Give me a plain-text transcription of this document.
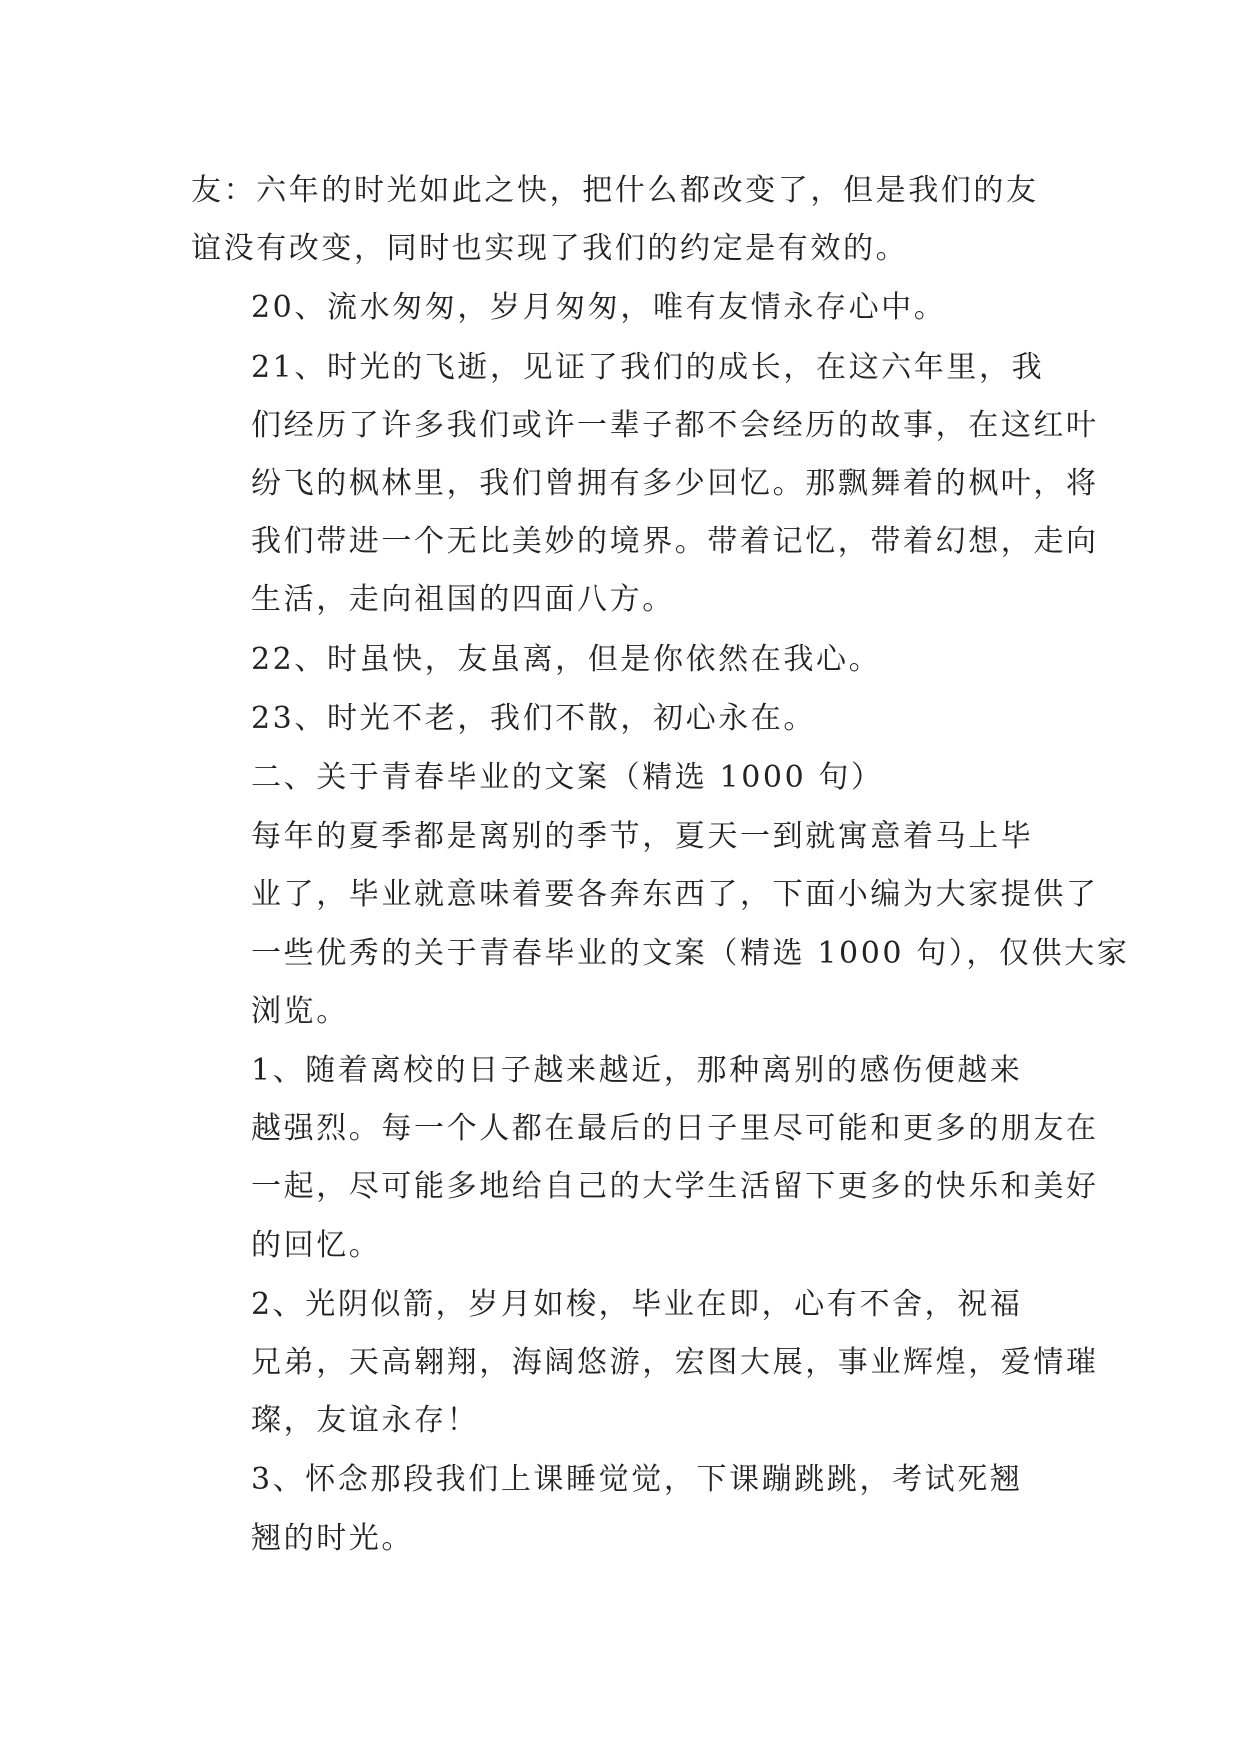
友：六年的时光如此之快，把什么都改变了，但是我们的友
谊没有改变，同时也实现了我们的约定是有效的。

20、流水匆匆，岁月匆匆，唯有友情永存心中。

21、时光的飞逝，见证了我们的成长，在这六年里，我
们经历了许多我们或许一辈子都不会经历的故事，在这红叶
纷飞的枫林里，我们曾拥有多少回忆。那飘舞着的枫叶，将
我们带进一个无比美妙的境界。带着记忆，带着幻想，走向
生活，走向祖国的四面八方。

22、时虽快，友虽离，但是你依然在我心。

23、时光不老，我们不散，初心永在。

二、关于青春毕业的文案（精选 1000 句）

每年的夏季都是离别的季节，夏天一到就寓意着马上毕
业了，毕业就意味着要各奔东西了，下面小编为大家提供了
一些优秀的关于青春毕业的文案（精选 1000 句），仅供大家
浏览。

1、随着离校的日子越来越近，那种离别的感伤便越来
越强烈。每一个人都在最后的日子里尽可能和更多的朋友在
一起，尽可能多地给自己的大学生活留下更多的快乐和美好
的回忆。

2、光阴似箭，岁月如梭，毕业在即，心有不舍，祝福
兄弟，天高翱翔，海阔悠游，宏图大展，事业辉煌，爱情璀
璨，友谊永存！

3、怀念那段我们上课睡觉觉，下课蹦跳跳，考试死翘
翘的时光。
